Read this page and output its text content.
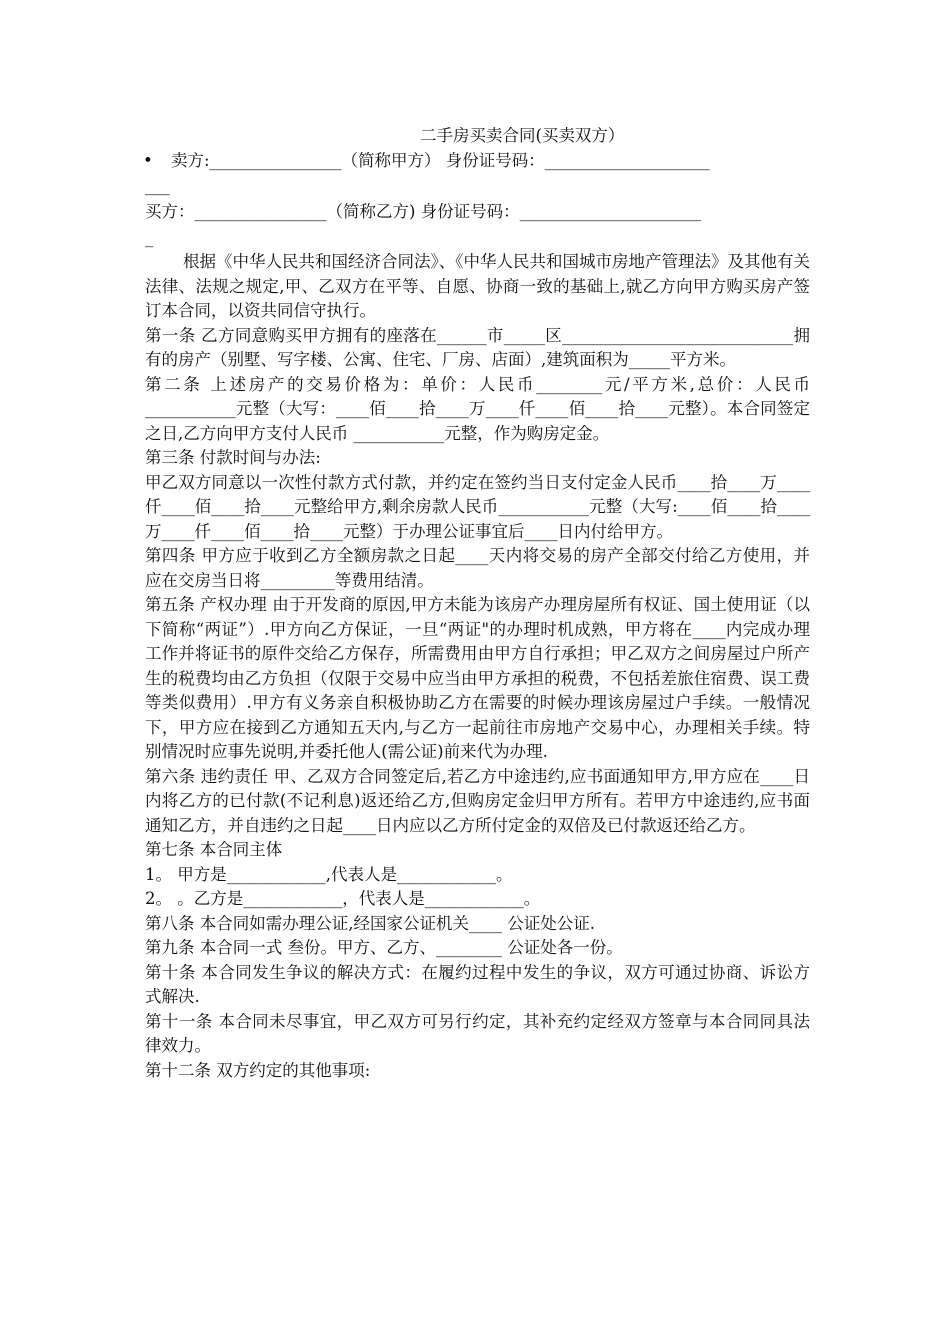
二手房买卖合同(买卖双方）
• 卖方:________________（简称甲方） 身份证号码：____________________
___
买方：________________（简称乙方) 身份证号码：______________________
_

根据《中华人民共和国经济合同法》、《中华人民共和国城市房地产管理法》及其他有关法律、法规之规定,甲、乙双方在平等、自愿、协商一致的基础上,就乙方向甲方购买房产签订本合同，以资共同信守执行。

第一条 乙方同意购买甲方拥有的座落在______市_____区____________________________拥有的房产（别墅、写字楼、公寓、住宅、厂房、店面）,建筑面积为_____平方米。

第二条 上述房产的交易价格为：单价：人民币________元/平方米,总价：人民币___________元整（大写：____佰____拾____万____仟____佰____拾____元整）。本合同签定之日,乙方向甲方支付人民币 ___________元整，作为购房定金。

第三条 付款时间与办法:

甲乙双方同意以一次性付款方式付款，并约定在签约当日支付定金人民币____拾____万____仟____佰____拾____元整给甲方,剩余房款人民币___________元整（大写:____佰____拾____万____仟____佰____拾____元整）于办理公证事宜后____日内付给甲方。

第四条 甲方应于收到乙方全额房款之日起____天内将交易的房产全部交付给乙方使用，并应在交房当日将_________等费用结清。

第五条 产权办理 由于开发商的原因,甲方未能为该房产办理房屋所有权证、国土使用证（以下简称“两证”）.甲方向乙方保证，一旦“两证"的办理时机成熟，甲方将在____内完成办理工作并将证书的原件交给乙方保存，所需费用由甲方自行承担；甲乙双方之间房屋过户所产生的税费均由乙方负担（仅限于交易中应当由甲方承担的税费，不包括差旅住宿费、误工费等类似费用）.甲方有义务亲自积极协助乙方在需要的时候办理该房屋过户手续。一般情况下，甲方应在接到乙方通知五天内,与乙方一起前往市房地产交易中心，办理相关手续。特别情况时应事先说明,并委托他人(需公证)前来代为办理.

第六条 违约责任 甲、乙双方合同签定后,若乙方中途违约,应书面通知甲方,甲方应在____日内将乙方的已付款(不记利息)返还给乙方,但购房定金归甲方所有。若甲方中途违约,应书面通知乙方，并自违约之日起____日内应以乙方所付定金的双倍及已付款返还给乙方。

第七条 本合同主体

1。 甲方是____________,代表人是____________。

2。 。乙方是____________，代表人是____________。

第八条 本合同如需办理公证,经国家公证机关____ 公证处公证.

第九条 本合同一式 叁份。甲方、乙方、________ 公证处各一份。

第十条 本合同发生争议的解决方式：在履约过程中发生的争议，双方可通过协商、诉讼方式解决.

第十一条 本合同未尽事宜，甲乙双方可另行约定，其补充约定经双方签章与本合同同具法律效力。

第十二条 双方约定的其他事项:
